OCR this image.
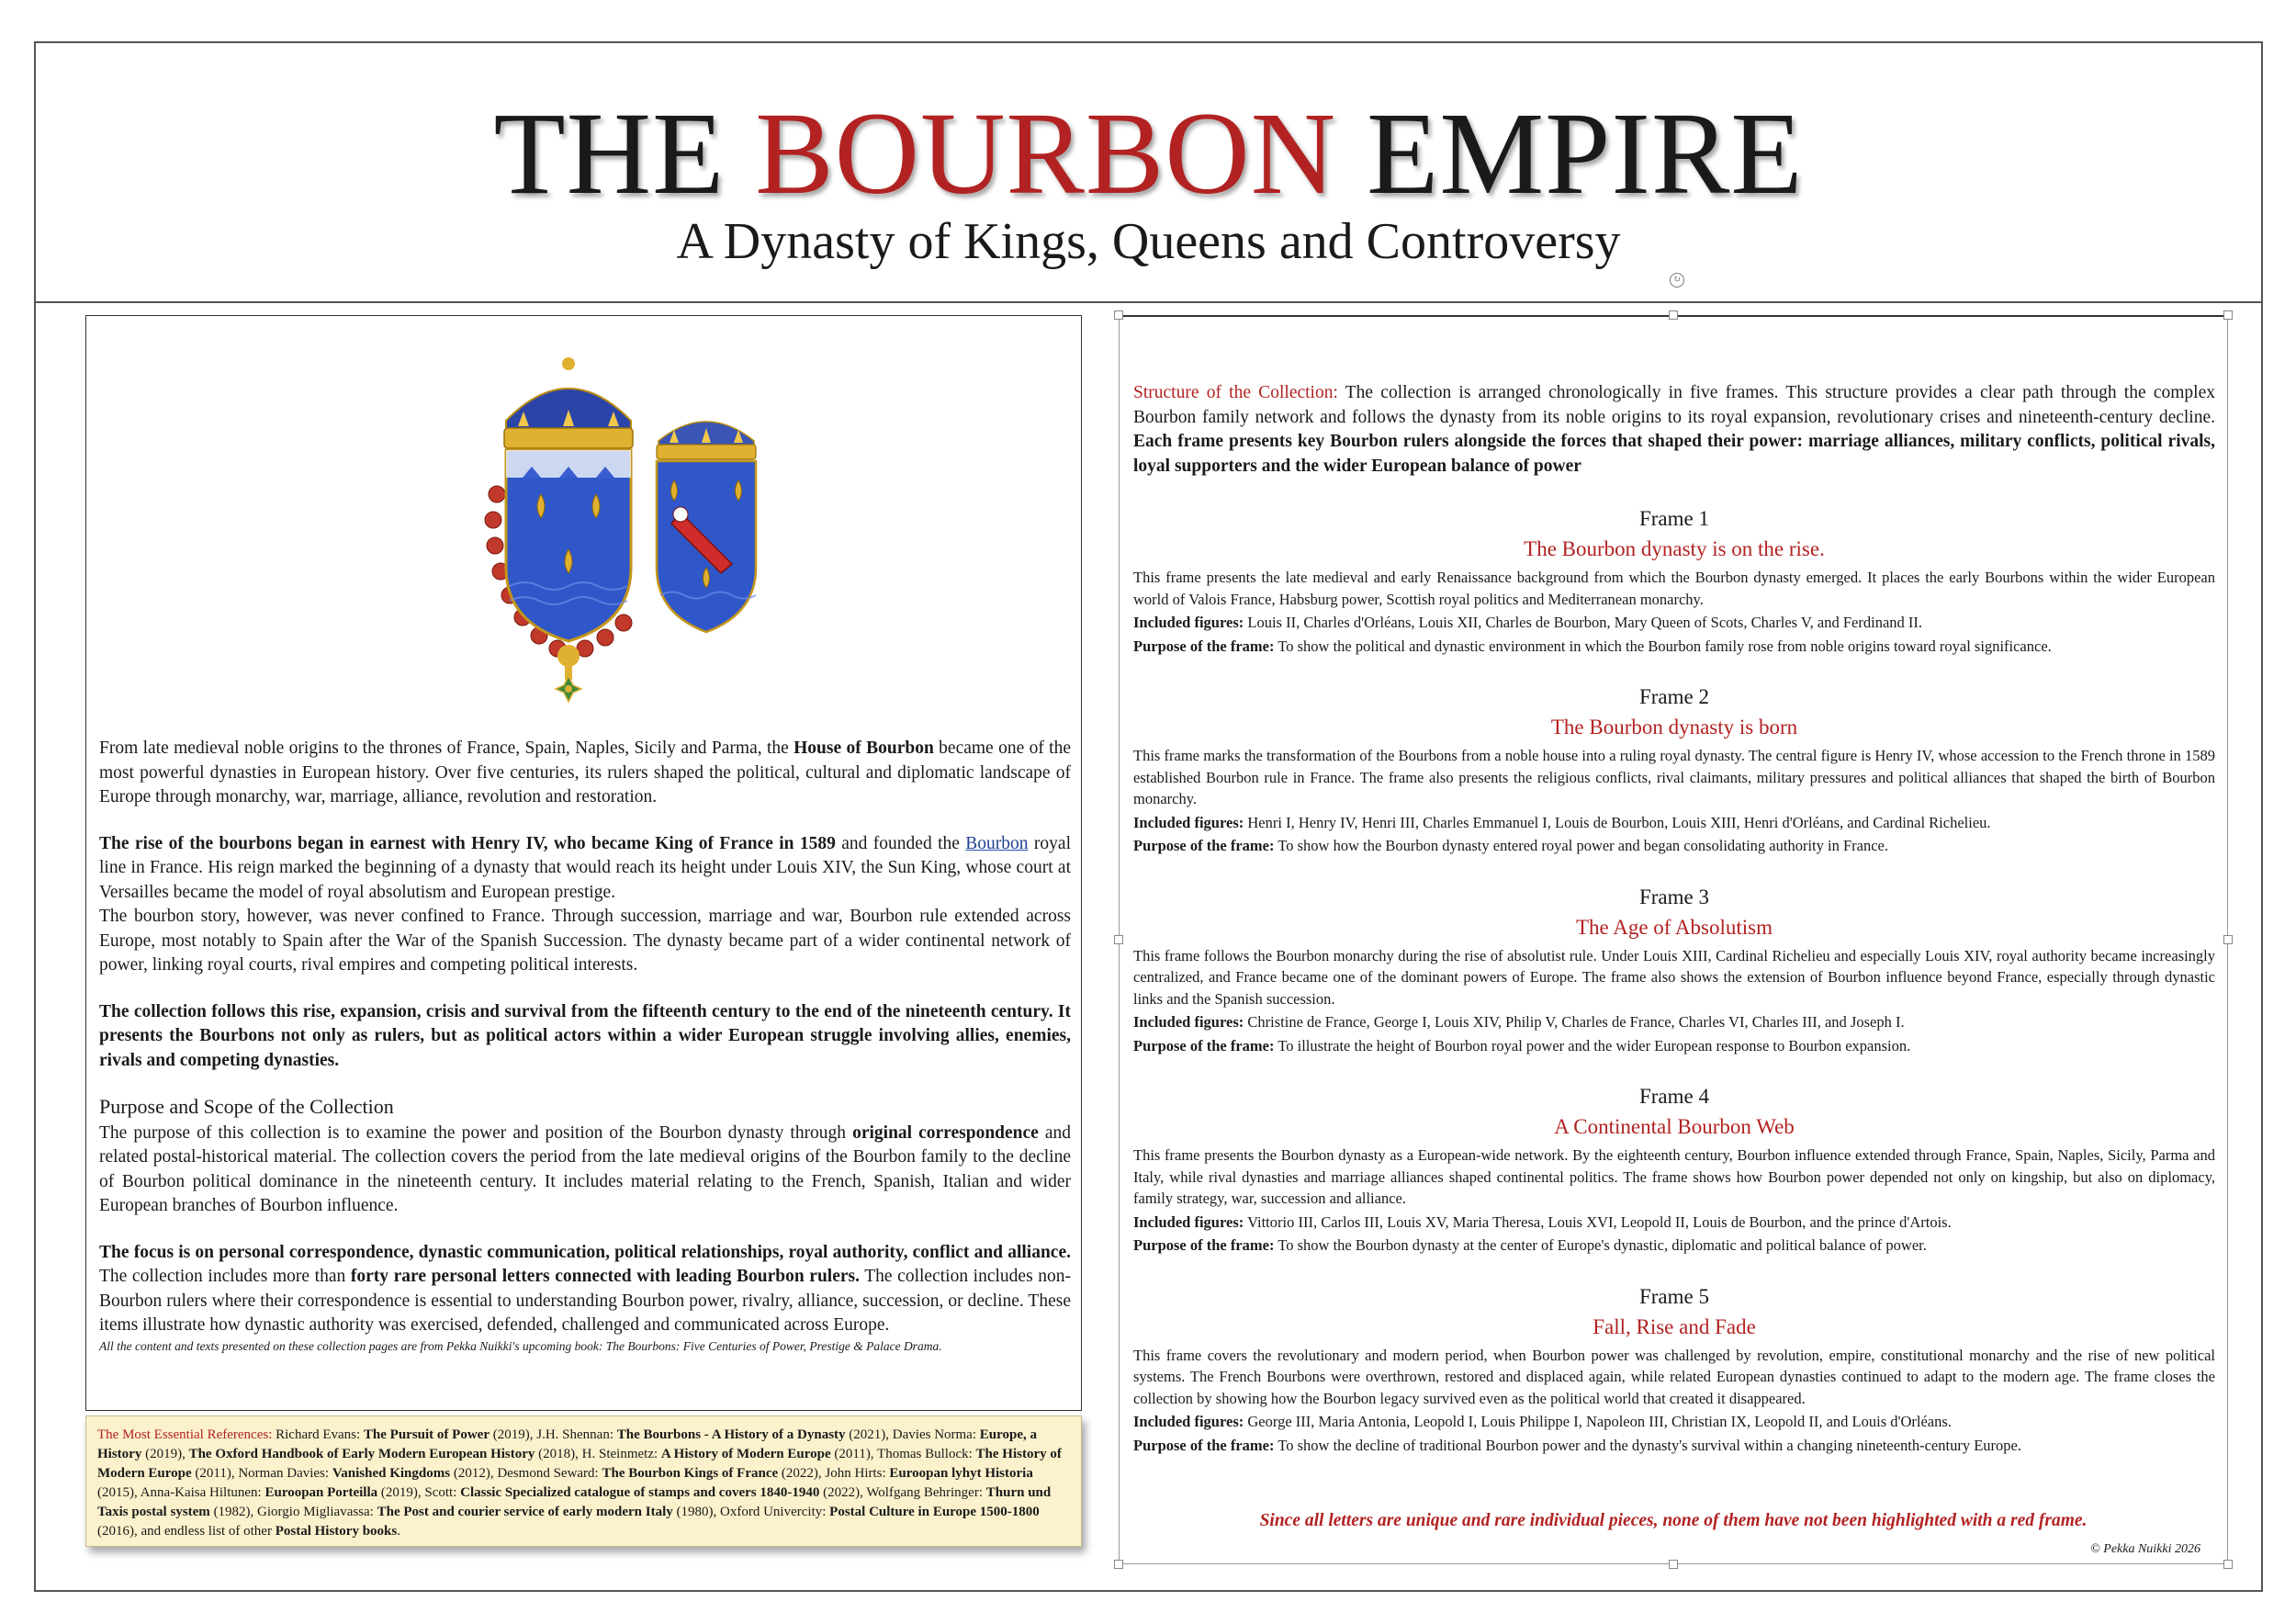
THE BOURBON EMPIRE
A Dynasty of Kings, Queens and Controversy
↻

From late medieval noble origins to the thrones of France, Spain, Naples, Sicily and Parma, the House of Bourbon became one of the most powerful dynasties in European history. Over five centuries, its rulers shaped the political, cultural and diplomatic landscape of Europe through monarchy, war, marriage, alliance, revolution and restoration.

The rise of the bourbons began in earnest with Henry IV, who became King of France in 1589 and founded the Bourbon royal line in France. His reign marked the beginning of a dynasty that would reach its height under Louis XIV, the Sun King, whose court at Versailles became the model of royal absolutism and European prestige.

The bourbon story, however, was never confined to France. Through succession, marriage and war, Bourbon rule extended across Europe, most notably to Spain after the War of the Spanish Succession. The dynasty became part of a wider continental network of power, linking royal courts, rival empires and competing political interests.

The collection follows this rise, expansion, crisis and survival from the fifteenth century to the end of the nineteenth century. It presents the Bourbons not only as rulers, but as political actors within a wider European struggle involving allies, enemies, rivals and competing dynasties.

Purpose and Scope of the Collection

The purpose of this collection is to examine the power and position of the Bourbon dynasty through original correspondence and related postal-historical material. The collection covers the period from the late medieval origins of the Bourbon family to the decline of Bourbon political dominance in the nineteenth century. It includes material relating to the French, Spanish, Italian and wider European branches of Bourbon influence.

The focus is on personal correspondence, dynastic communication, political relationships, royal authority, conflict and alliance. The collection includes more than forty rare personal letters connected with leading Bourbon rulers. The collection includes non-Bourbon rulers where their correspondence is essential to understanding Bourbon power, rivalry, alliance, succession, or decline. These items illustrate how dynastic authority was exercised, defended, challenged and communicated across Europe.

All the content and texts presented on these collection pages are from Pekka Nuikki's upcoming book: The Bourbons: Five Centuries of Power, Prestige & Palace Drama.

The Most Essential References: Richard Evans: The Pursuit of Power (2019), J.H. Shennan: The Bourbons - A History of a Dynasty (2021), Davies Norma: Europe, a History (2019), The Oxford Handbook of Early Modern European History (2018), H. Steinmetz: A History of Modern Europe (2011), Thomas Bullock: The History of Modern Europe (2011), Norman Davies: Vanished Kingdoms (2012), Desmond Seward: The Bourbon Kings of France (2022), John Hirts: Euroopan lyhyt Historia (2015), Anna-Kaisa Hiltunen: Euroopan Porteilla (2019), Scott: Classic Specialized catalogue of stamps and covers 1840-1940 (2022), Wolfgang Behringer: Thurn und Taxis postal system (1982), Giorgio Migliavassa: The Post and courier service of early modern Italy (1980), Oxford Univercity: Postal Culture in Europe 1500-1800 (2016), and endless list of other Postal History books.

Structure of the Collection: The collection is arranged chronologically in five frames. This structure provides a clear path through the complex Bourbon family network and follows the dynasty from its noble origins to its royal expansion, revolutionary crises and nineteenth-century decline. Each frame presents key Bourbon rulers alongside the forces that shaped their power: marriage alliances, military conflicts, political rivals, loyal supporters and the wider European balance of power

Frame 1

The Bourbon dynasty is on the rise.

This frame presents the late medieval and early Renaissance background from which the Bourbon dynasty emerged. It places the early Bourbons within the wider European world of Valois France, Habsburg power, Scottish royal politics and Mediterranean monarchy.

Included figures: Louis II, Charles d'Orléans, Louis XII, Charles de Bourbon, Mary Queen of Scots, Charles V, and Ferdinand II.

Purpose of the frame: To show the political and dynastic environment in which the Bourbon family rose from noble origins toward royal significance.

Frame 2

The Bourbon dynasty is born

This frame marks the transformation of the Bourbons from a noble house into a ruling royal dynasty. The central figure is Henry IV, whose accession to the French throne in 1589 established Bourbon rule in France. The frame also presents the religious conflicts, rival claimants, military pressures and political alliances that shaped the birth of Bourbon monarchy.

Included figures: Henri I, Henry IV, Henri III, Charles Emmanuel I, Louis de Bourbon, Louis XIII, Henri d'Orléans, and Cardinal Richelieu.

Purpose of the frame: To show how the Bourbon dynasty entered royal power and began consolidating authority in France.

Frame 3

The Age of Absolutism

This frame follows the Bourbon monarchy during the rise of absolutist rule. Under Louis XIII, Cardinal Richelieu and especially Louis XIV, royal authority became increasingly centralized, and France became one of the dominant powers of Europe. The frame also shows the extension of Bourbon influence beyond France, especially through dynastic links and the Spanish succession.

Included figures: Christine de France, George I, Louis XIV, Philip V, Charles de France, Charles VI, Charles III, and Joseph I.

Purpose of the frame: To illustrate the height of Bourbon royal power and the wider European response to Bourbon expansion.

Frame 4

A Continental Bourbon Web

This frame presents the Bourbon dynasty as a European-wide network. By the eighteenth century, Bourbon influence extended through France, Spain, Naples, Sicily, Parma and Italy, while rival dynasties and marriage alliances shaped continental politics. The frame shows how Bourbon power depended not only on kingship, but also on diplomacy, family strategy, war, succession and alliance.

Included figures: Vittorio III, Carlos III, Louis XV, Maria Theresa, Louis XVI, Leopold II, Louis de Bourbon, and the prince d'Artois.

Purpose of the frame: To show the Bourbon dynasty at the center of Europe's dynastic, diplomatic and political balance of power.

Frame 5

Fall, Rise and Fade

This frame covers the revolutionary and modern period, when Bourbon power was challenged by revolution, empire, constitutional monarchy and the rise of new political systems. The French Bourbons were overthrown, restored and displaced again, while related European dynasties continued to adapt to the modern age. The frame closes the collection by showing how the Bourbon legacy survived even as the political world that created it disappeared.

Included figures: George III, Maria Antonia, Leopold I, Louis Philippe I, Napoleon III, Christian IX, Leopold II, and Louis d'Orléans.

Purpose of the frame: To show the decline of traditional Bourbon power and the dynasty's survival within a changing nineteenth-century Europe.

Since all letters are unique and rare individual pieces, none of them have not been highlighted with a red frame.
© Pekka Nuikki 2026
